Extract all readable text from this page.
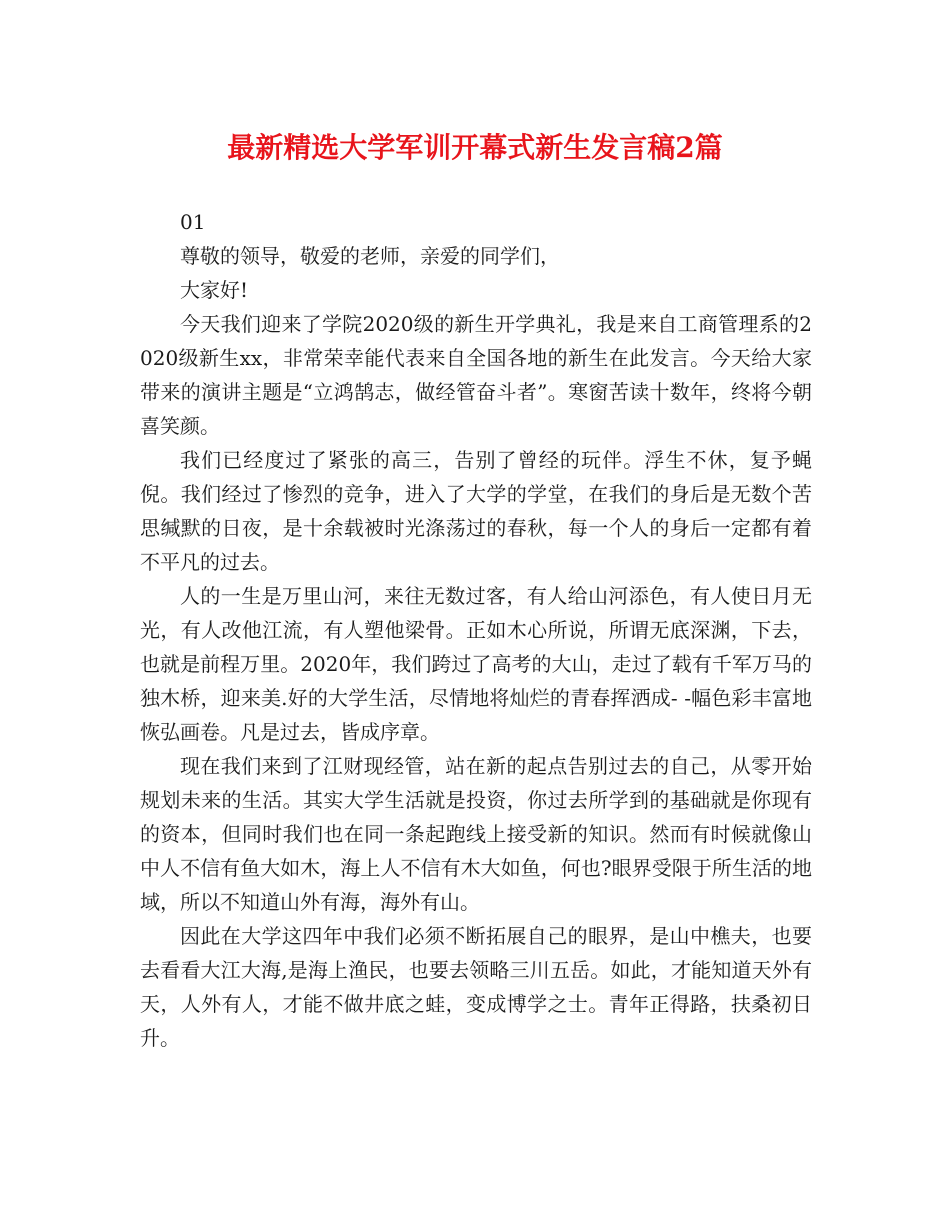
最新精选大学军训开幕式新生发言稿2篇

01

尊敬的领导，敬爱的老师，亲爱的同学们，

大家好!

今天我们迎来了学院2020级的新生开学典礼，我是来自工商管理系的2020级新生xx，非常荣幸能代表来自全国各地的新生在此发言。今天给大家带来的演讲主题是“立鸿鹄志，做经管奋斗者”。寒窗苦读十数年，终将今朝喜笑颜。

我们已经度过了紧张的高三，告别了曾经的玩伴。浮生不休，复予蝇倪。我们经过了惨烈的竞争，进入了大学的学堂，在我们的身后是无数个苦思缄默的日夜，是十余载被时光涤荡过的春秋，每一个人的身后一定都有着不平凡的过去。

人的一生是万里山河，来往无数过客，有人给山河添色，有人使日月无光，有人改他江流，有人塑他梁骨。正如木心所说，所谓无底深渊，下去，也就是前程万里。2020年，我们跨过了高考的大山，走过了载有千军万马的独木桥，迎来美.好的大学生活，尽情地将灿烂的青春挥洒成- -幅色彩丰富地恢弘画卷。凡是过去，皆成序章。

现在我们来到了江财现经管，站在新的起点告别过去的自己，从零开始规划未来的生活。其实大学生活就是投资，你过去所学到的基础就是你现有的资本，但同时我们也在同一条起跑线上接受新的知识。然而有时候就像山中人不信有鱼大如木，海上人不信有木大如鱼，何也?眼界受限于所生活的地域，所以不知道山外有海，海外有山。

因此在大学这四年中我们必须不断拓展自己的眼界，是山中樵夫，也要去看看大江大海,是海上渔民，也要去领略三川五岳。如此，才能知道天外有天，人外有人，才能不做井底之蛙，变成博学之士。青年正得路，扶桑初日升。
